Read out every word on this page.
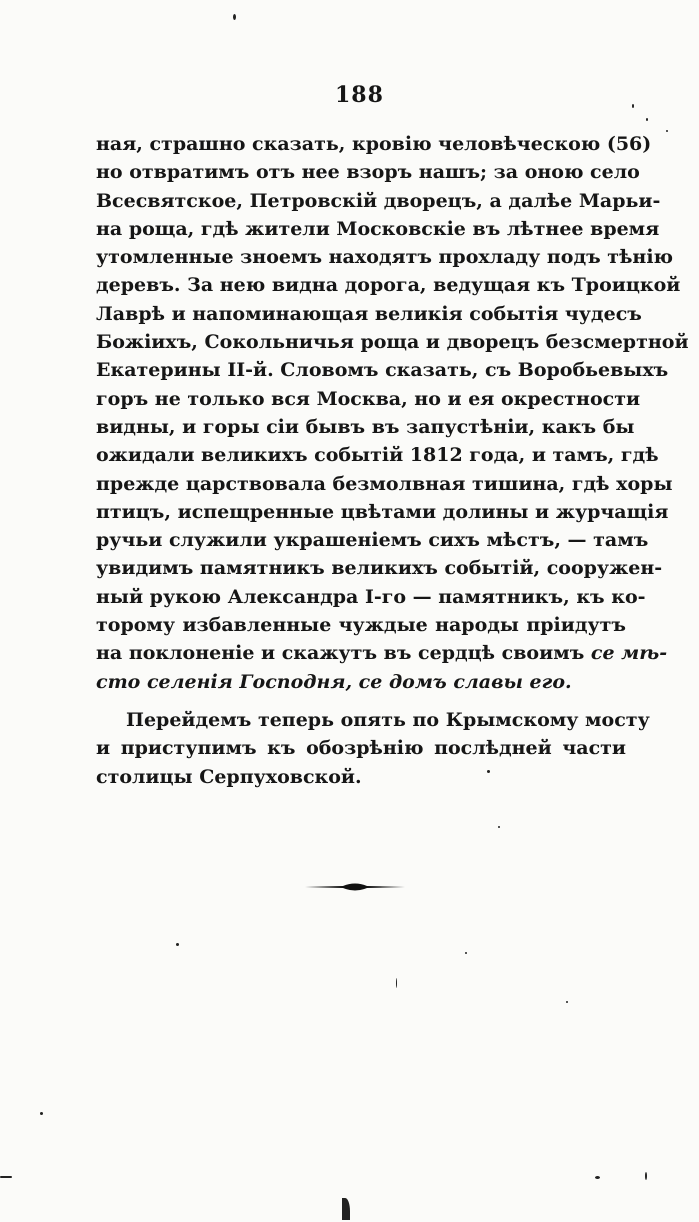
188
ная, страшно сказать, кровію человѣческою (56)
но отвратимъ отъ нее взоръ нашъ; за оною село
Всесвятское, Петровскій дворецъ, а далѣе Марьи-
на роща, гдѣ жители Московскіе въ лѣтнее время
утомленные зноемъ находятъ прохладу подъ тѣнію
деревъ. За нею видна дорога, ведущая къ Троицкой
Лаврѣ и напоминающая великія событія чудесъ
Божіихъ, Сокольничья роща и дворецъ безсмертной
Екатерины II-й. Словомъ сказать, съ Воробьевыхъ
горъ не только вся Москва, но и ея окрестности
видны, и горы сіи бывъ въ запустѣніи, какъ бы
ожидали великихъ событій 1812 года, и тамъ, гдѣ
прежде царствовала безмолвная тишина, гдѣ хоры
птицъ, испещренные цвѣтами долины и журчащія
ручьи служили украшеніемъ сихъ мѣстъ, — тамъ
увидимъ памятникъ великихъ событій, сооружен-
ный рукою Александра I-го — памятникъ, къ ко-
торому избавленные чуждые народы пріидутъ
на поклоненіе и скажутъ въ сердцѣ своимъ се мѣ-
сто селенія Господня, се домъ славы его.
Перейдемъ теперь опять по Крымскому мосту
и приступимъ къ обозрѣнію послѣдней части
столицы Серпуховской.
